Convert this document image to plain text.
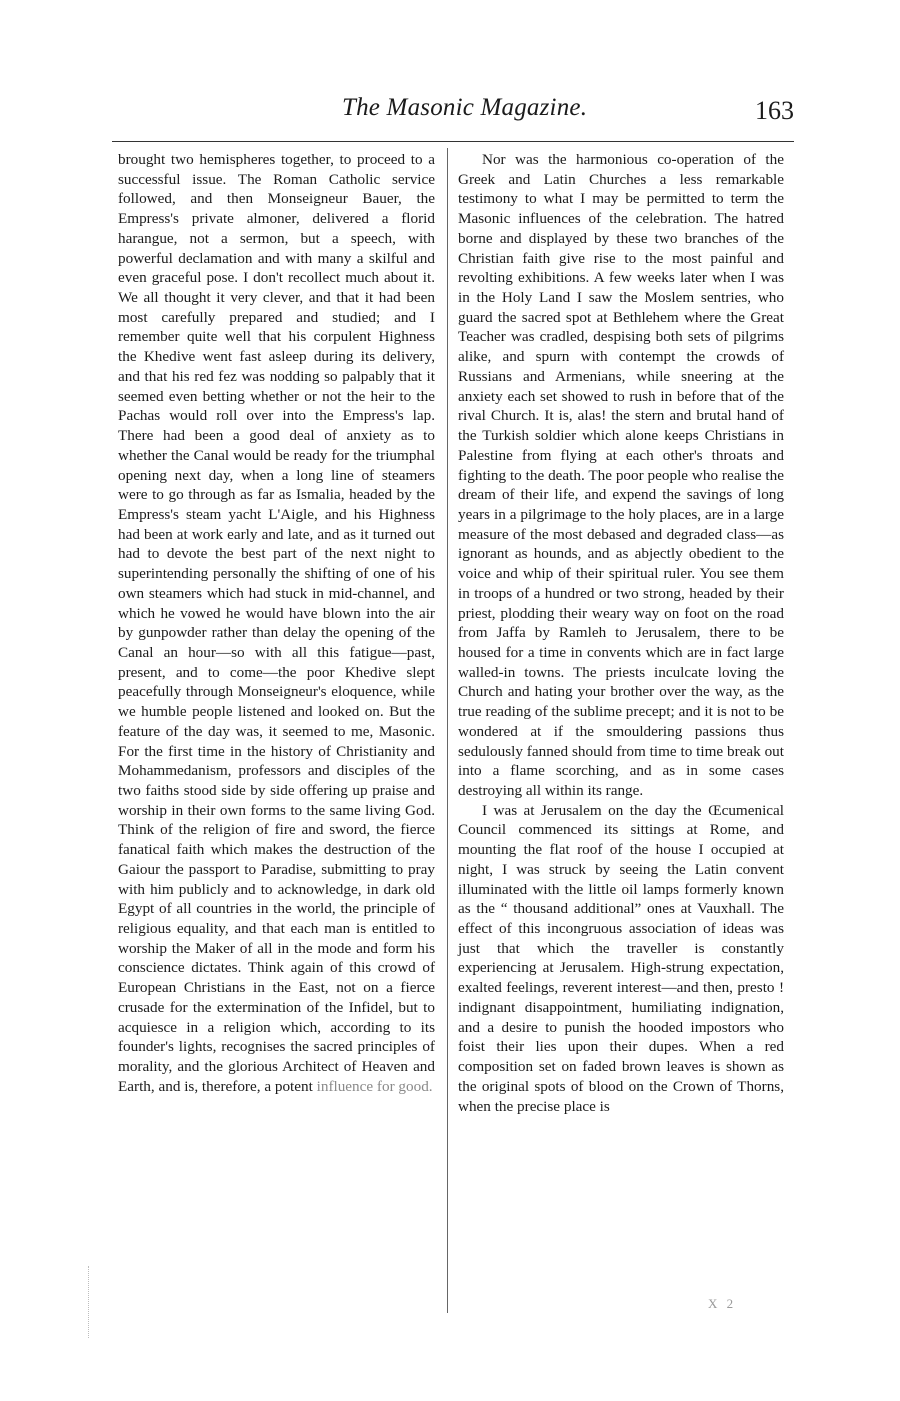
The Masonic Magazine.	163

brought two hemispheres together, to proceed to a successful issue. The Roman Catholic service followed, and then Monseigneur Bauer, the Empress's private almoner, delivered a florid harangue, not a sermon, but a speech, with powerful declamation and with many a skilful and even graceful pose. I don't recollect much about it. We all thought it very clever, and that it had been most carefully prepared and studied; and I remember quite well that his corpulent Highness the Khedive went fast asleep during its delivery, and that his red fez was nodding so palpably that it seemed even betting whether or not the heir to the Pachas would roll over into the Empress's lap. There had been a good deal of anxiety as to whether the Canal would be ready for the triumphal opening next day, when a long line of steamers were to go through as far as Ismalia, headed by the Empress's steam yacht L'Aigle, and his Highness had been at work early and late, and as it turned out had to devote the best part of the next night to superintending personally the shifting of one of his own steamers which had stuck in mid-channel, and which he vowed he would have blown into the air by gunpowder rather than delay the opening of the Canal an hour—so with all this fatigue—past, present, and to come—the poor Khedive slept peacefully through Monseigneur's eloquence, while we humble people listened and looked on. But the feature of the day was, it seemed to me, Masonic. For the first time in the history of Christianity and Mohammedanism, professors and disciples of the two faiths stood side by side offering up praise and worship in their own forms to the same living God. Think of the religion of fire and sword, the fierce fanatical faith which makes the destruction of the Gaiour the passport to Paradise, submitting to pray with him publicly and to acknowledge, in dark old Egypt of all countries in the world, the principle of religious equality, and that each man is entitled to worship the Maker of all in the mode and form his conscience dictates. Think again of this crowd of European Christians in the East, not on a fierce crusade for the extermination of the Infidel, but to acquiesce in a religion which, according to its founder's lights, recognises the sacred principles of morality, and the glorious Architect of Heaven and Earth, and is, therefore, a potent influence for good.

Nor was the harmonious co-operation of the Greek and Latin Churches a less remarkable testimony to what I may be permitted to term the Masonic influences of the celebration. The hatred borne and displayed by these two branches of the Christian faith give rise to the most painful and revolting exhibitions. A few weeks later when I was in the Holy Land I saw the Moslem sentries, who guard the sacred spot at Bethlehem where the Great Teacher was cradled, despising both sets of pilgrims alike, and spurn with contempt the crowds of Russians and Armenians, while sneering at the anxiety each set showed to rush in before that of the rival Church. It is, alas! the stern and brutal hand of the Turkish soldier which alone keeps Christians in Palestine from flying at each other's throats and fighting to the death. The poor people who realise the dream of their life, and expend the savings of long years in a pilgrimage to the holy places, are in a large measure of the most debased and degraded class—as ignorant as hounds, and as abjectly obedient to the voice and whip of their spiritual ruler. You see them in troops of a hundred or two strong, headed by their priest, plodding their weary way on foot on the road from Jaffa by Ramleh to Jerusalem, there to be housed for a time in convents which are in fact large walled-in towns. The priests inculcate loving the Church and hating your brother over the way, as the true reading of the sublime precept; and it is not to be wondered at if the smouldering passions thus sedulously fanned should from time to time break out into a flame scorching, and as in some cases destroying all within its range.

I was at Jerusalem on the day the Œcumenical Council commenced its sittings at Rome, and mounting the flat roof of the house I occupied at night, I was struck by seeing the Latin convent illuminated with the little oil lamps formerly known as the “ thousand additional” ones at Vauxhall. The effect of this incongruous association of ideas was just that which the traveller is constantly experiencing at Jerusalem. High-strung expectation, exalted feelings, reverent interest—and then, presto ! indignant disappointment, humiliating indignation, and a desire to punish the hooded impostors who foist their lies upon their dupes. When a red composition set on faded brown leaves is shown as the original spots of blood on the Crown of Thorns, when the precise place is

X 2
